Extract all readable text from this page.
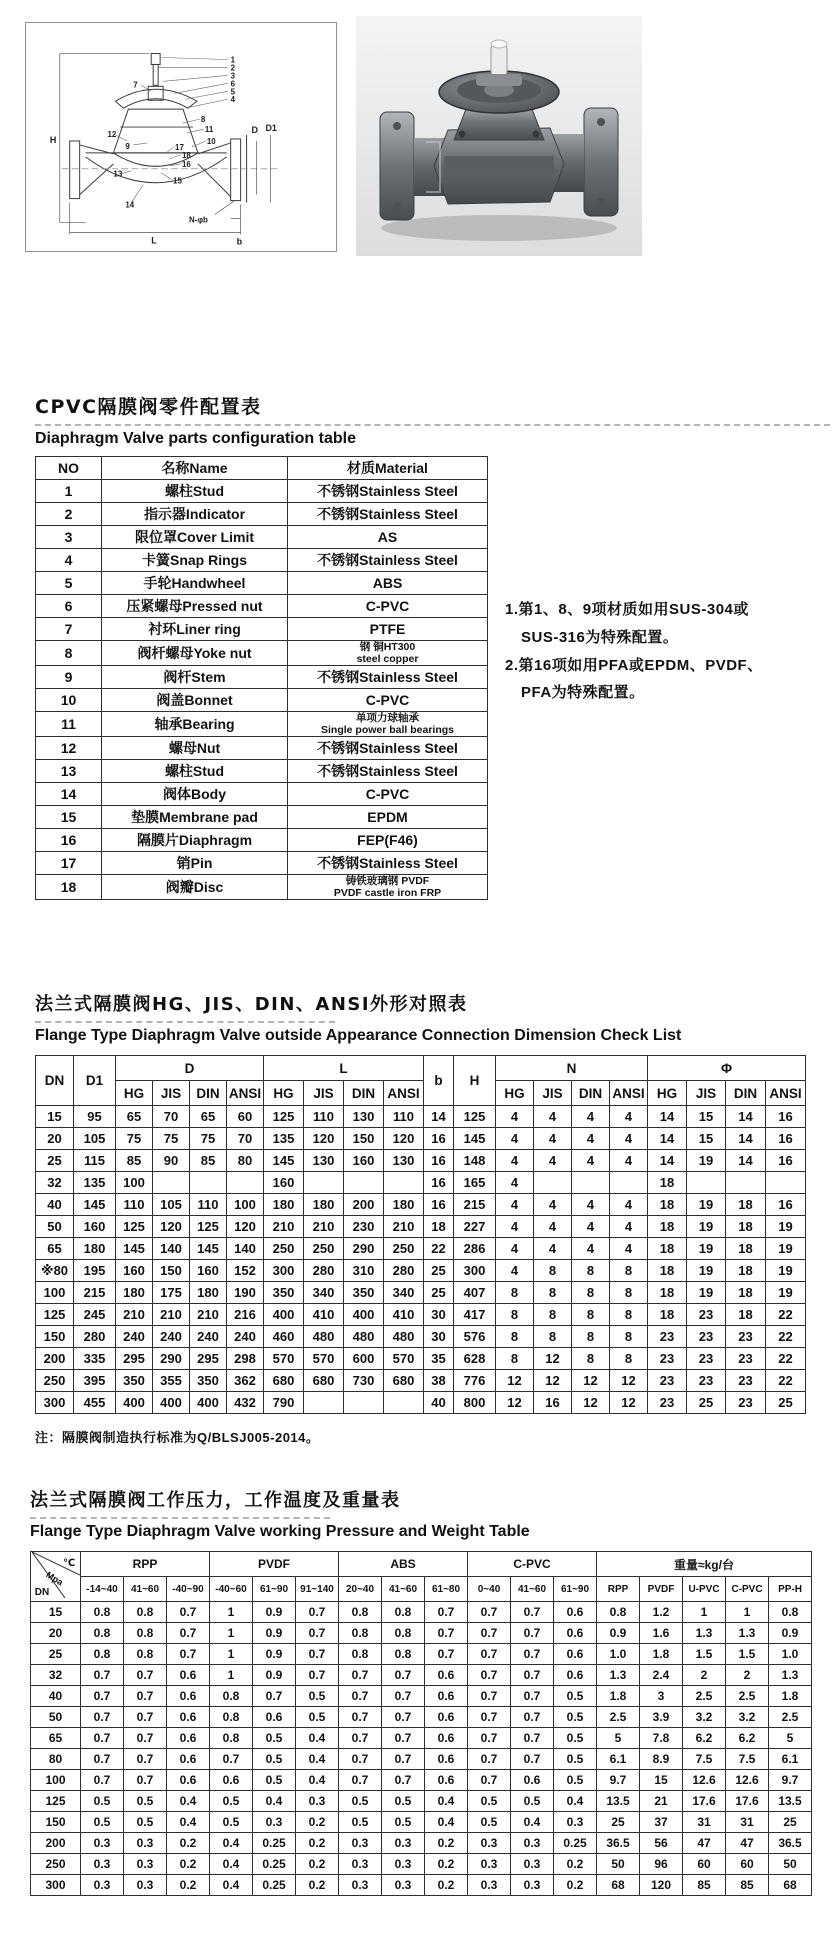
1
2
3
6
5
4
7
12
8
11
9
10
17
18
16
13
15
14
H
D D1
L	b
N-φb
CPVC隔膜阀零件配置表
Diaphragm Valve parts configuration table
NO	名称Name	材质Material
1	螺柱Stud	不锈钢Stainless Steel
2	指示器Indicator	不锈钢Stainless Steel
3	限位罩Cover Limit	AS
4	卡簧Snap Rings	不锈钢Stainless Steel
5	手轮Handwheel	ABS
6	压紧螺母Pressed nut	C-PVC
7	衬环Liner ring	PTFE
8	阀杆螺母Yoke nut	钢 铜HT300
steel copper

9	阀杆Stem	不锈钢Stainless Steel
10	阀盖Bonnet	C-PVC
11	轴承Bearing	单项力球轴承
Single power ball bearings

12	螺母Nut	不锈钢Stainless Steel
13	螺柱Stud	不锈钢Stainless Steel
14	阀体Body	C-PVC
15	垫膜Membrane pad	EPDM
16	隔膜片Diaphragm	FEP(F46)
17	销Pin	不锈钢Stainless Steel
18	阀瓣Disc	铸铁玻璃钢 PVDF
PVDF castle iron FRP
1.第1、8、9项材质如用SUS-304或
SUS-316为特殊配置。
2.第16项如用PFA或EPDM、PVDF、
PFA为特殊配置。
法兰式隔膜阀HG、JIS、DIN、ANSI外形对照表
Flange Type Diaphragm Valve outside Appearance Connection Dimension Check List
DN	D1	D				L				b	H	N				Φ			
		HG	JIS	DIN	ANSI	HG	JIS	DIN	ANSI			HG	JIS	DIN	ANSI	HG	JIS	DIN	ANSI
15	95	65	70	65	60	125	110	130	110	14	125	4	4	4	4	14	15	14	16
20	105	75	75	75	70	135	120	150	120	16	145	4	4	4	4	14	15	14	16
25	115	85	90	85	80	145	130	160	130	16	148	4	4	4	4	14	19	14	16
32	135	100				160				16	165	4				18			
40	145	110	105	110	100	180	180	200	180	16	215	4	4	4	4	18	19	18	16
50	160	125	120	125	120	210	210	230	210	18	227	4	4	4	4	18	19	18	19
65	180	145	140	145	140	250	250	290	250	22	286	4	4	4	4	18	19	18	19
※80	195	160	150	160	152	300	280	310	280	25	300	4	8	8	8	18	19	18	19
100	215	180	175	180	190	350	340	350	340	25	407	8	8	8	8	18	19	18	19
125	245	210	210	210	216	400	410	400	410	30	417	8	8	8	8	18	23	18	22
150	280	240	240	240	240	460	480	480	480	30	576	8	8	8	8	23	23	23	22
200	335	295	290	295	298	570	570	600	570	35	628	8	12	8	8	23	23	23	22
250	395	350	355	350	362	680	680	730	680	38	776	12	12	12	12	23	23	23	22
300	455	400	400	400	432	790				40	800	12	16	12	12	23	25	23	25
注：隔膜阀制造执行标准为Q/BLSJ005-2014。
法兰式隔膜阀工作压力，工作温度及重量表
Flange Type Diaphragm Valve working Pressure and Weight Table
℃
Mpa
DN	RPP			PVDF			ABS			C-PVC			重量≈kg/台				
	-14~40	41~60	-40~90	-40~60	61~90	91~140	20~40	41~60	61~80	0~40	41~60	61~90	RPP	PVDF	U-PVC	C-PVC	PP-H
15	0.8	0.8	0.7	1	0.9	0.7	0.8	0.8	0.7	0.7	0.7	0.6	0.8	1.2	1	1	0.8
20	0.8	0.8	0.7	1	0.9	0.7	0.8	0.8	0.7	0.7	0.7	0.6	0.9	1.6	1.3	1.3	0.9
25	0.8	0.8	0.7	1	0.9	0.7	0.8	0.8	0.7	0.7	0.7	0.6	1.0	1.8	1.5	1.5	1.0
32	0.7	0.7	0.6	1	0.9	0.7	0.7	0.7	0.6	0.7	0.7	0.6	1.3	2.4	2	2	1.3
40	0.7	0.7	0.6	0.8	0.7	0.5	0.7	0.7	0.6	0.7	0.7	0.5	1.8	3	2.5	2.5	1.8
50	0.7	0.7	0.6	0.8	0.6	0.5	0.7	0.7	0.6	0.7	0.7	0.5	2.5	3.9	3.2	3.2	2.5
65	0.7	0.7	0.6	0.8	0.5	0.4	0.7	0.7	0.6	0.7	0.7	0.5	5	7.8	6.2	6.2	5
80	0.7	0.7	0.6	0.7	0.5	0.4	0.7	0.7	0.6	0.7	0.7	0.5	6.1	8.9	7.5	7.5	6.1
100	0.7	0.7	0.6	0.6	0.5	0.4	0.7	0.7	0.6	0.7	0.6	0.5	9.7	15	12.6	12.6	9.7
125	0.5	0.5	0.4	0.5	0.4	0.3	0.5	0.5	0.4	0.5	0.5	0.4	13.5	21	17.6	17.6	13.5
150	0.5	0.5	0.4	0.5	0.3	0.2	0.5	0.5	0.4	0.5	0.4	0.3	25	37	31	31	25
200	0.3	0.3	0.2	0.4	0.25	0.2	0.3	0.3	0.2	0.3	0.3	0.25	36.5	56	47	47	36.5
250	0.3	0.3	0.2	0.4	0.25	0.2	0.3	0.3	0.2	0.3	0.3	0.2	50	96	60	60	50
300	0.3	0.3	0.2	0.4	0.25	0.2	0.3	0.3	0.2	0.3	0.3	0.2	68	120	85	85	68
